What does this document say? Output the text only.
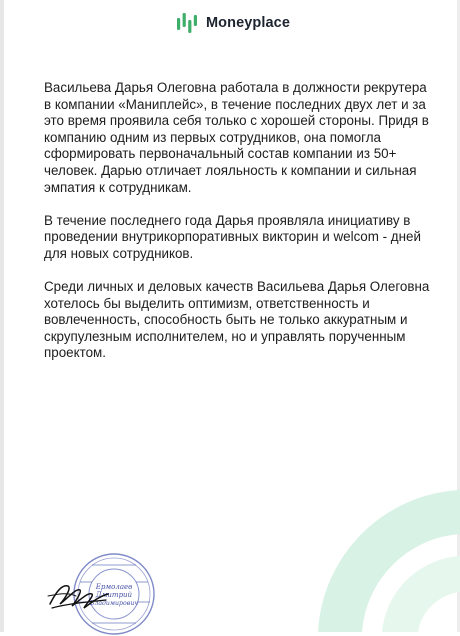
Moneyplace

Васильева Дарья Олеговна работала в должности рекрутера в компании «Маниплейс», в течение последних двух лет и за это время проявила себя только с хорошей стороны. Придя в компанию одним из первых сотрудников, она помогла сформировать первоначальный состав компании из 50+ человек. Дарью отличает лояльность к компании и сильная эмпатия к сотрудникам.

В течение последнего года Дарья проявляла инициативу в проведении внутрикорпоративных викторин и welcom - дней для новых сотрудников.

Среди личных и деловых качеств Васильева Дарья Олеговна хотелось бы выделить оптимизм, ответственность и вовлеченность, способность быть не только аккуратным и скрупулезным исполнителем, но и управлять порученным проектом.

Ермолаев
Дмитрий
Владимирович
